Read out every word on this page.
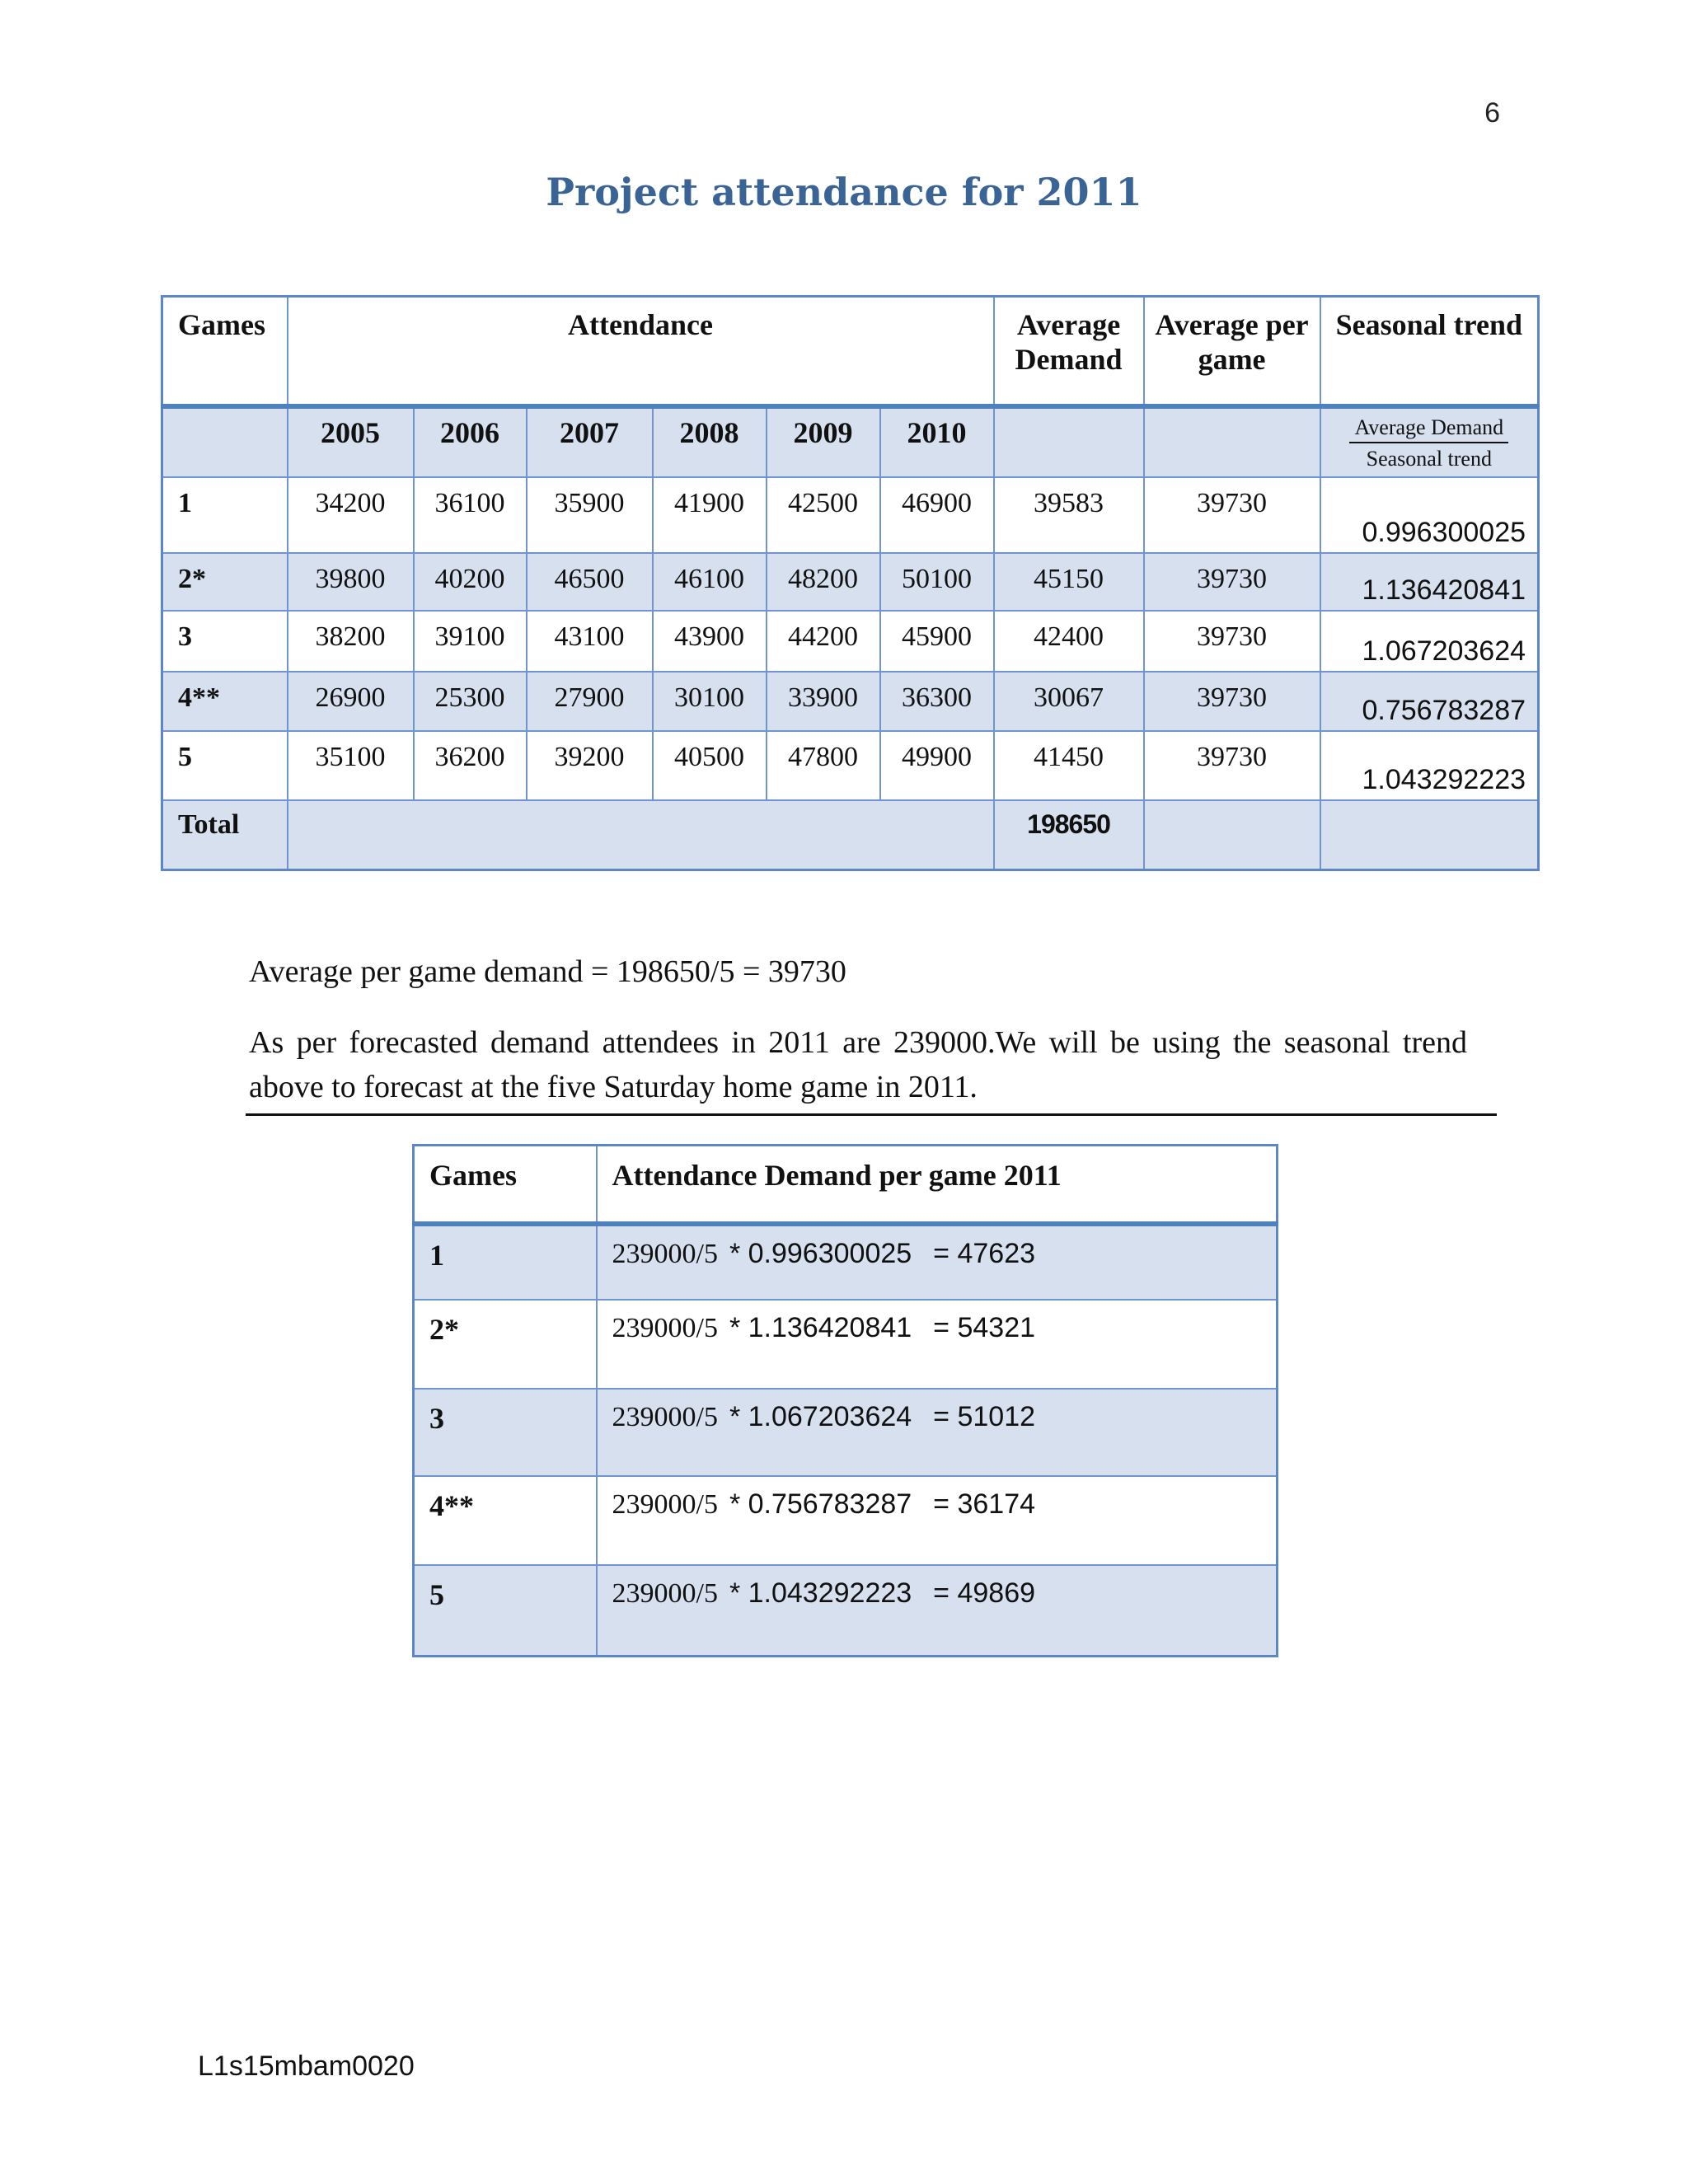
6
Project attendance for 2011
Games	Attendance						Average Demand	Average per game	Seasonal trend
	2005	2006	2007	2008	2009	2010			$\frac{\text{Average Demand}}{\text{Seasonal trend}}$

1	34200	36100	35900	41900	42500	46900	39583	39730	0.996300025
2*	39800	40200	46500	46100	48200	50100	45150	39730	1.136420841
3	38200	39100	43100	43900	44200	45900	42400	39730	1.067203624
4**	26900	25300	27900	30100	33900	36300	30067	39730	0.756783287
5	35100	36200	39200	40500	47800	49900	41450	39730	1.043292223
Total							198650		
Average per game demand = 198650/5 = 39730
As per forecasted demand attendees in 2011 are 239000.We will be using the seasonal trend above to forecast at the five Saturday home game in 2011.
Games	Attendance Demand per game 2011
1	239000/5 * 0.996300025 = 47623
2*	239000/5 * 1.136420841 = 54321
3	239000/5 * 1.067203624 = 51012
4**	239000/5 * 0.756783287 = 36174
5	239000/5 * 1.043292223 = 49869
L1s15mbam0020
